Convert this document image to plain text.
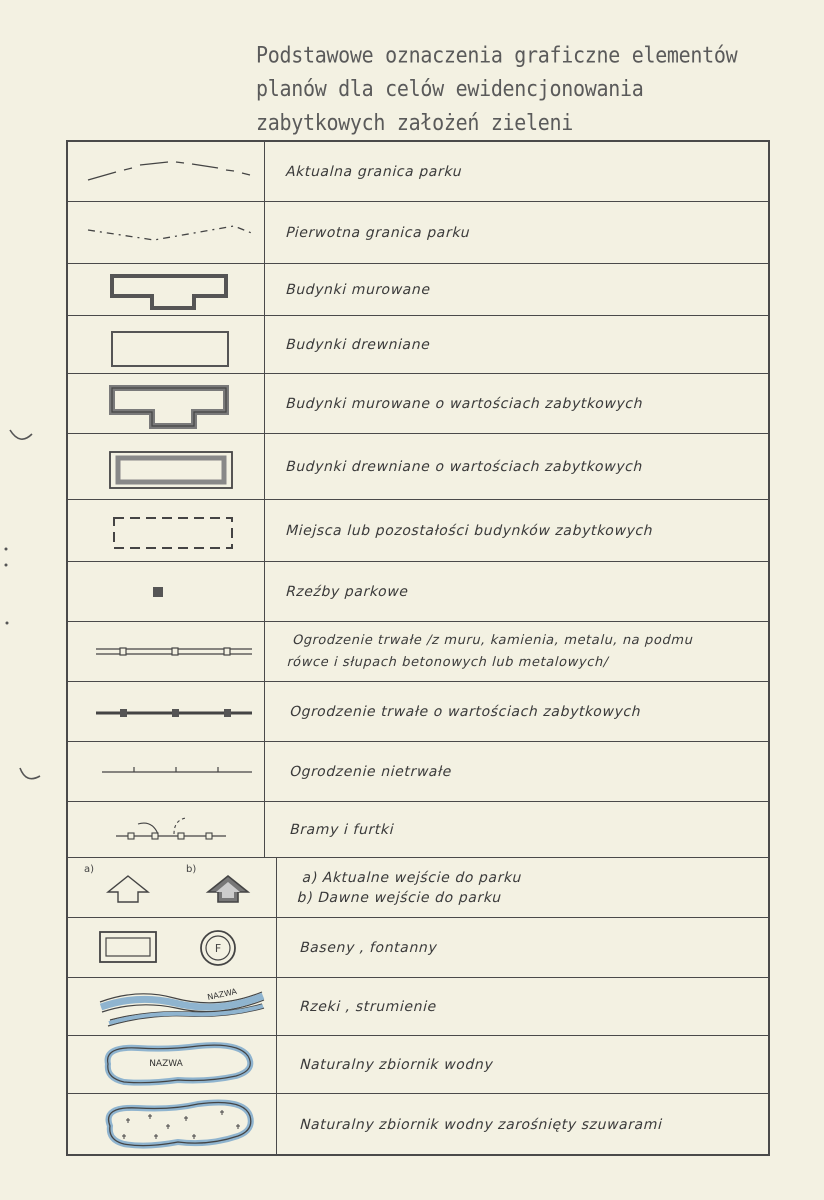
Podstawowe oznaczenia graficzne elementów
planów dla celów ewidencjonowania
zabytkowych założeń zieleni
Aktualna granica parku
Pierwotna granica parku
Budynki murowane
Budynki drewniane
Budynki murowane o wartościach zabytkowych
Budynki drewniane o wartościach zabytkowych
Miejsca lub pozostałości budynków zabytkowych
Rzeźby parkowe
Ogrodzenie trwałe /z muru, kamienia, metalu, na podmu
rówce i słupach betonowych lub metalowych/
Ogrodzenie trwałe o wartościach zabytkowych
Ogrodzenie nietrwałe
Bramy i furtki
a)	b)	a) Aktualne wejście do parku
b) Dawne wejście do parku
F	Baseny , fontanny
NAZWA
Rzeki , strumienie
NAZWA	Naturalny zbiornik wodny
Naturalny zbiornik wodny zarośnięty szuwarami
